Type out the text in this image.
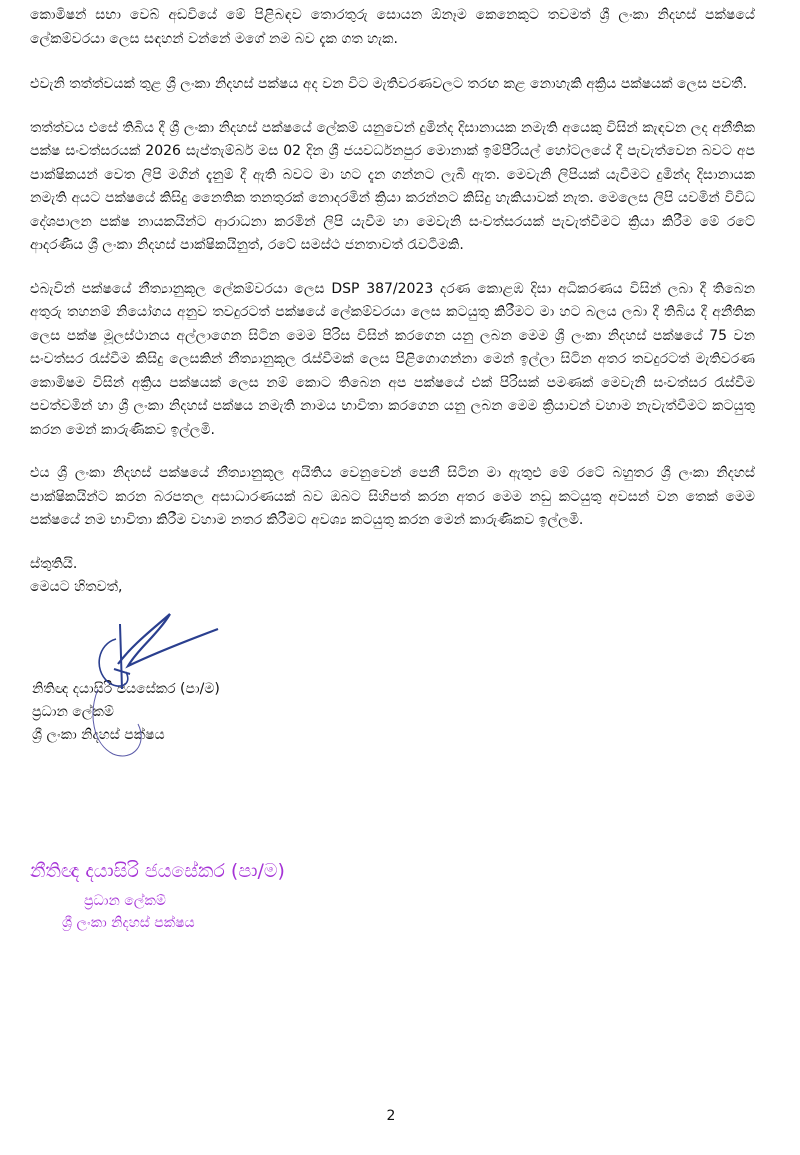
කොමිෂන් සභා වෙබ් අඩවියේ මේ පිළිබඳව තොරතුරු සොයන ඕනෑම කෙනෙකුට තවමත් ශ්‍රී ලංකා නිදහස් පක්ෂයේ ලේකම්වරයා ලෙස සඳහන් වන්නේ මගේ නම බව දැක ගත හැක.

එවැනි තත්ත්වයක් තුළ ශ්‍රී ලංකා නිදහස් පක්ෂය අද වන විට මැතිවරණවලට තරඟ කළ නොහැකි අක්‍රිය පක්ෂයක් ලෙස පවතී.

තත්ත්වය එසේ තිබිය දී ශ්‍රී ලංකා නිදහස් පක්ෂයේ ලේකම් යනුවෙන් දුමින්ද දිසානායක නමැති අයෙකු විසින් කැඳවන ලද අනීතික පක්ෂ සංවත්සරයක් 2026 සැප්තැම්බර් මස 02 දින ශ්‍රී ජයවර්ධනපුර මොනාක් ඉම්පීරියල් හෝටලයේ දී පැවැත්වෙන බවට අප පාක්ෂිකයන් වෙත ලිපි මගින් දැනුම් දී ඇති බවට මා හට දැන ගන්නට ලැබී ඇත. මෙවැනි ලිපියක් යැවීමට දුමින්ද දිසානායක නමැති අයට පක්ෂයේ කිසිදු නෛතික තනතුරක් නොදරමින් ක්‍රියා කරන්නට කිසිදු හැකියාවක් නැත. මෙලෙස ලිපි යවමින් විවිධ දේශපාලන පක්ෂ නායකයින්ට ආරාධනා කරමින් ලිපි යැවීම හා මෙවැනි සංවත්සරයක් පැවැත්වීමට ක්‍රියා කිරීම මේ රටේ ආදරණීය ශ්‍රී ලංකා නිදහස් පාක්ෂිකයිනුත්, රටේ සමස්ථ ජනතාවත් රැවටීමකි.

එබැවින් පක්ෂයේ නීත්‍යානුකූල ලේකම්වරයා ලෙස DSP 387/2023 දරණ කොළඹ දිසා අධිකරණය විසින් ලබා දී තිබෙන අතුරු තහනම් නියෝගය අනුව තවදුරටත් පක්ෂයේ ලේකම්වරයා ලෙස කටයුතු කිරීමට මා හට බලය ලබා දී තිබිය දී අනීතික ලෙස පක්ෂ මූලස්ථානය අල්ලාගෙන සිටින මෙම පිරිස විසින් කරගෙන යනු ලබන මෙම ශ්‍රී ලංකා නිදහස් පක්ෂයේ 75 වන සංවත්සර රැස්වීම කිසිදු ලෙසකින් නීත්‍යානුකූල රැස්වීමක් ලෙස පිළිගොගන්නා මෙන් ඉල්ලා සිටින අතර තවදුරටත් මැතිවරණ කොමිෂම විසින් අක්‍රිය පක්ෂයක් ලෙස නම් කොට තිබෙන අප පක්ෂයේ එක් පිරිසක් පමණක් මෙවැනි සංවත්සර රැස්වීම පවත්වමින් හා ශ්‍රී ලංකා නිදහස් පක්ෂය නමැති නාමය භාවිතා කරගෙන යනු ලබන මෙම ක්‍රියාවන් වහාම නැවැත්වීමට කටයුතු කරන මෙන් කාරුණිකව ඉල්ලමි.

එය ශ්‍රී ලංකා නිදහස් පක්ෂයේ නීත්‍යානුකූල අයිතිය වෙනුවෙන් පෙනී සිටින මා ඇතුළු මේ රටේ බහුතර ශ්‍රී ලංකා නිදහස් පාක්ෂිකයින්ට කරන බරපතල අසාධාරණයක් බව ඔබට සිහිපත් කරන අතර මෙම නඩු කටයුතු අවසන් වන තෙක් මෙම පක්ෂයේ නම භාවිතා කිරීම වහාම නතර කිරීමට අවශ්‍ය කටයුතු කරන මෙන් කාරුණිකව ඉල්ලමි.

ස්තුතියි.

මෙයට හිතවත්,

නිතිඥ දයාසිරි ජයසේකර (පා/ම)

ප්‍රධාන ලේකම්

ශ්‍රී ලංකා නිදහස් පක්ෂය

නීතිඥ දයාසිරි ජයසේකර (පා/ම)

ප්‍රධාන ලේකම්

ශ්‍රී ලංකා නිදහස් පක්ෂය

2
